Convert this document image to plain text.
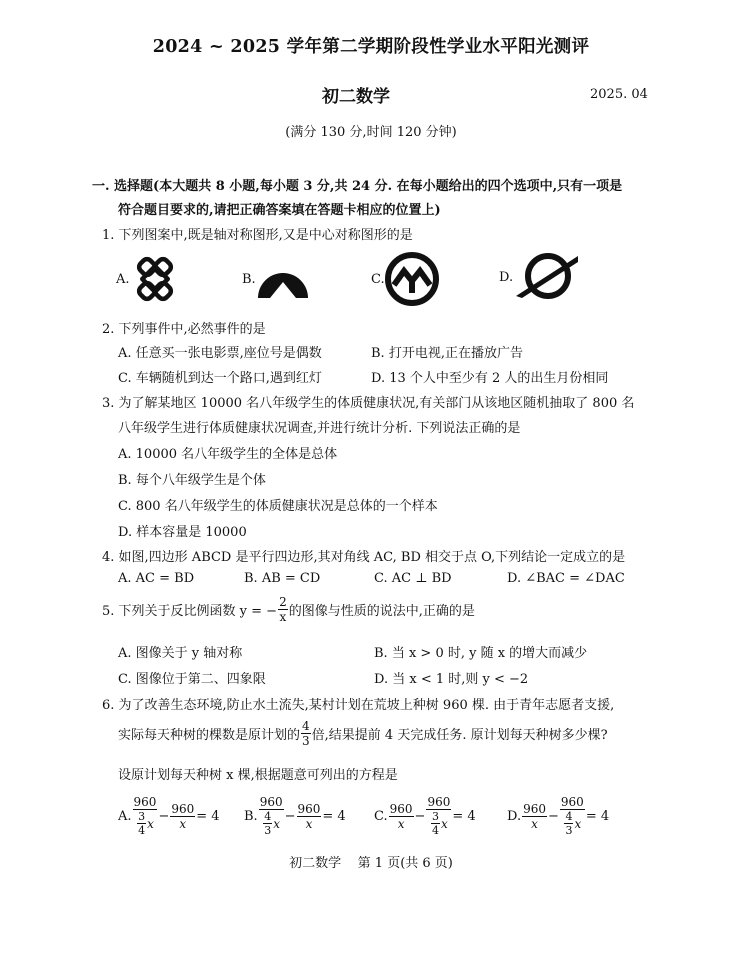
2024 ~ 2025 学年第二学期阶段性学业水平阳光测评
初二数学	2025. 04
(满分 130 分,时间 120 分钟)
一. 选择题(本大题共 8 小题,每小题 3 分,共 24 分. 在每小题给出的四个选项中,只有一项是
符合题目要求的,请把正确答案填在答题卡相应的位置上)
1. 下列图案中,既是轴对称图形,又是中心对称图形的是
A.	B.	C.	D.
2. 下列事件中,必然事件的是
A. 任意买一张电影票,座位号是偶数	B. 打开电视,正在播放广告
C. 车辆随机到达一个路口,遇到红灯	D. 13 个人中至少有 2 人的出生月份相同
3. 为了解某地区 10000 名八年级学生的体质健康状况,有关部门从该地区随机抽取了 800 名
八年级学生进行体质健康状况调查,并进行统计分析. 下列说法正确的是
A. 10000 名八年级学生的全体是总体
B. 每个八年级学生是个体
C. 800 名八年级学生的体质健康状况是总体的一个样本
D. 样本容量是 10000
4. 如图,四边形 ABCD 是平行四边形,其对角线 AC, BD 相交于点 O,下列结论一定成立的是
A. AC = BD	B. AB = CD	C. AC ⊥ BD	D. ∠BAC = ∠DAC
5. 下列关于反比例函数 y = − $\frac{2}{x}$ 的图像与性质的说法中,正确的是
A. 图像关于 y 轴对称	B. 当 x > 0 时, y 随 x 的增大而减少
C. 图像位于第二、四象限	D. 当 x < 1 时,则 y < −2
6. 为了改善生态环境,防止水土流失,某村计划在荒坡上种树 960 棵. 由于青年志愿者支援,
实际每天种树的棵数是原计划的 $\frac{4}{3}$ 倍,结果提前 4 天完成任务. 原计划每天种树多少棵?
设原计划每天种树 x 棵,根据题意可列出的方程是
A. $\frac{960}{\frac{3}{4} x} - \frac{960}{x} = 4$ B. $\frac{960}{\frac{4}{3} x} - \frac{960}{x} = 4$ C. $\frac{960}{x} - \frac{960}{\frac{3}{4} x} = 4$ D. $\frac{960}{x} - \frac{960}{\frac{4}{3} x} = 4$
初二数学    第 1 页(共 6 页)
